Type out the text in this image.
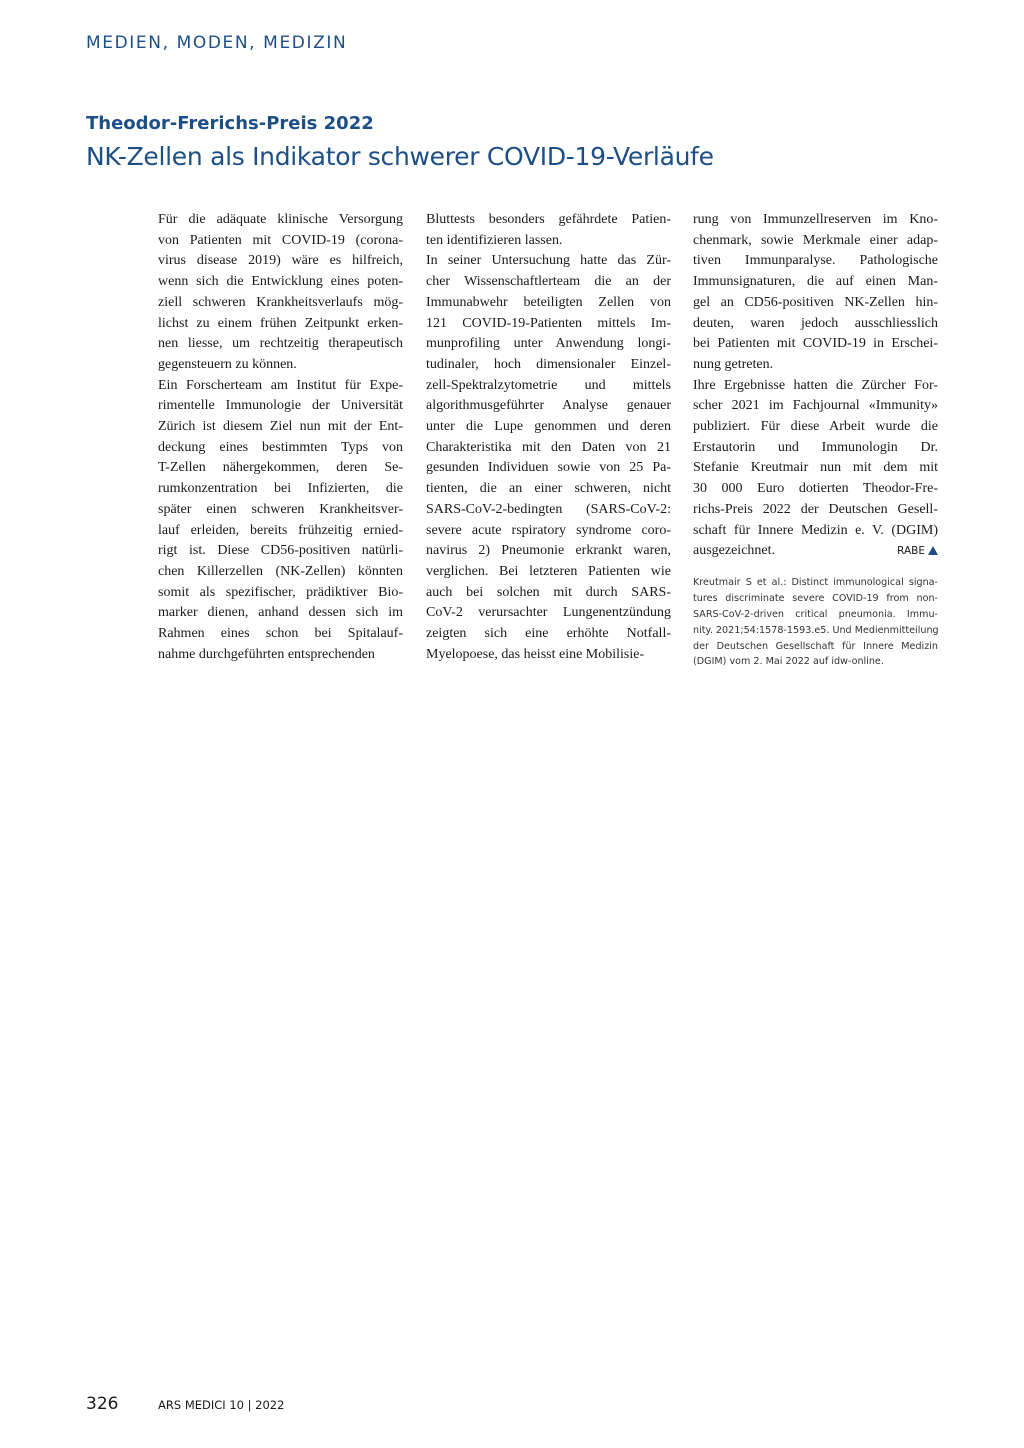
MEDIEN, MODEN, MEDIZIN
Theodor-Frerichs-Preis 2022
NK-Zellen als Indikator schwerer COVID-19-Verläufe
Für die adäquate klinische Versorgung
von Patienten mit COVID-19 (corona-
virus disease 2019) wäre es hilfreich,
wenn sich die Entwicklung eines poten-
ziell schweren Krankheitsverlaufs mög-
lichst zu einem frühen Zeitpunkt erken-
nen liesse, um rechtzeitig therapeutisch
gegensteuern zu können.
Ein Forscherteam am Institut für Expe-
rimentelle Immunologie der Universität
Zürich ist diesem Ziel nun mit der Ent-
deckung eines bestimmten Typs von
T-Zellen nähergekommen, deren Se-
rumkonzentration bei Infizierten, die
später einen schweren Krankheitsver-
lauf erleiden, bereits frühzeitig ernied-
rigt ist. Diese CD56-positiven natürli-
chen Killerzellen (NK-Zellen) könnten
somit als spezifischer, prädiktiver Bio-
marker dienen, anhand dessen sich im
Rahmen eines schon bei Spitalauf-
nahme durchgeführten entsprechenden
Bluttests besonders gefährdete Patien-
ten identifizieren lassen.
In seiner Untersuchung hatte das Zür-
cher Wissenschaftlerteam die an der
Immunabwehr beteiligten Zellen von
121 COVID-19-Patienten mittels Im-
munprofiling unter Anwendung longi-
tudinaler, hoch dimensionaler Einzel-
zell-Spektralzytometrie und mittels
algorithmusgeführter Analyse genauer
unter die Lupe genommen und deren
Charakteristika mit den Daten von 21
gesunden Individuen sowie von 25 Pa-
tienten, die an einer schweren, nicht
SARS-CoV-2-bedingten (SARS-CoV-2:
severe acute rspiratory syndrome coro-
navirus 2) Pneumonie erkrankt waren,
verglichen. Bei letzteren Patienten wie
auch bei solchen mit durch SARS-
CoV-2 verursachter Lungenentzündung
zeigten sich eine erhöhte Notfall-
Myelopoese, das heisst eine Mobilisie-
rung von Immunzellreserven im Kno-
chenmark, sowie Merkmale einer adap-
tiven Immunparalyse. Pathologische
Immunsignaturen, die auf einen Man-
gel an CD56-positiven NK-Zellen hin-
deuten, waren jedoch ausschliesslich
bei Patienten mit COVID-19 in Erschei-
nung getreten.
Ihre Ergebnisse hatten die Zürcher For-
scher 2021 im Fachjournal «Immunity»
publiziert. Für diese Arbeit wurde die
Erstautorin und Immunologin Dr.
Stefanie Kreutmair nun mit dem mit
30 000 Euro dotierten Theodor-Fre-
richs-Preis 2022 der Deutschen Gesell-
schaft für Innere Medizin e. V. (DGIM)
ausgezeichnet.	RABE
Kreutmair S et al.: Distinct immunological signa-
tures discriminate severe COVID-19 from non-
SARS-CoV-2-driven critical pneumonia. Immu-
nity. 2021;54:1578-1593.e5. Und Medienmitteilung
der Deutschen Gesellschaft für Innere Medizin
(DGIM) vom 2. Mai 2022 auf idw-online.
326	ARS MEDICI 10 | 2022
